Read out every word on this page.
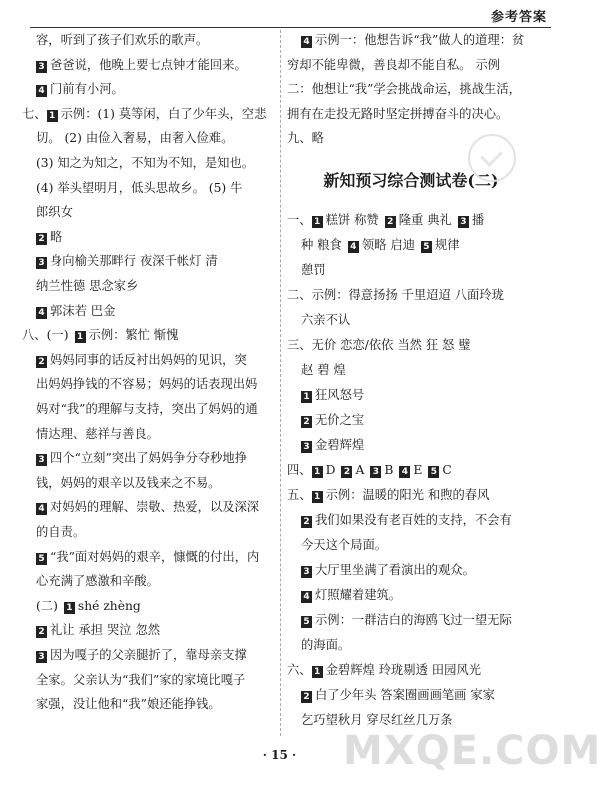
参考答案
容，听到了孩子们欢乐的歌声。
3 爸爸说，他晚上要七点钟才能回来。
4 门前有小河。
七、 1 示例：(1) 莫等闲，白了少年头，空悲
切。 (2) 由俭入奢易，由奢入俭难。
(3) 知之为知之，不知为不知，是知也。
(4) 举头望明月，低头思故乡。 (5) 牛
郎织女
2 略
3 身向榆关那畔行 夜深千帐灯 清
纳兰性德 思念家乡
4 郭沫若 巴金
八、(一) 1 示例：繁忙 惭愧
2 妈妈同事的话反衬出妈妈的见识，突
出妈妈挣钱的不容易；妈妈的话表现出妈
妈对“我”的理解与支持，突出了妈妈的通
情达理、慈祥与善良。
3 四个“立刻”突出了妈妈争分夺秒地挣
钱，妈妈的艰辛以及钱来之不易。
4 对妈妈的理解、崇敬、热爱，以及深深
的自责。
5 “我”面对妈妈的艰辛，慷慨的付出，内
心充满了感激和辛酸。
(二) 1 shé zhèng
2 礼让 承担 哭泣 忽然
3 因为嘎子的父亲腿折了，靠母亲支撑
全家。父亲认为“我们”家的家境比嘎子
家强，没让他和“我”娘还能挣钱。
新知预习综合测试卷(二)
4 示例一：他想告诉“我”做人的道理：贫
穷却不能卑微，善良却不能自私。 示例
二：他想让“我”学会挑战命运，挑战生活，
拥有在走投无路时坚定拼搏奋斗的决心。
九、略
一、 1 糕饼 称赞 2 隆重 典礼 3 播
种 粮食 4 领略 启迪 5 规律
憩罚
二、示例：得意扬扬 千里迢迢 八面玲珑
六亲不认
三、无价 恋恋/依依 当然 狂 怒 璧
赵 碧 煌
1 狂风怒号
2 无价之宝
3 金碧辉煌
四、 1 D 2 A 3 B 4 E 5 C
五、 1 示例：温暖的阳光 和煦的春风
2 我们如果没有老百姓的支持，不会有
今天这个局面。
3 大厅里坐满了看演出的观众。
4 灯照耀着建筑。
5 示例：一群洁白的海鸥飞过一望无际
的海面。
六、 1 金碧辉煌 玲珑剔透 田园风光
2 白了少年头 答案圈画画笔画 家家
乞巧望秋月 穿尽红丝几万条
MXQE.COM
· 15 ·
